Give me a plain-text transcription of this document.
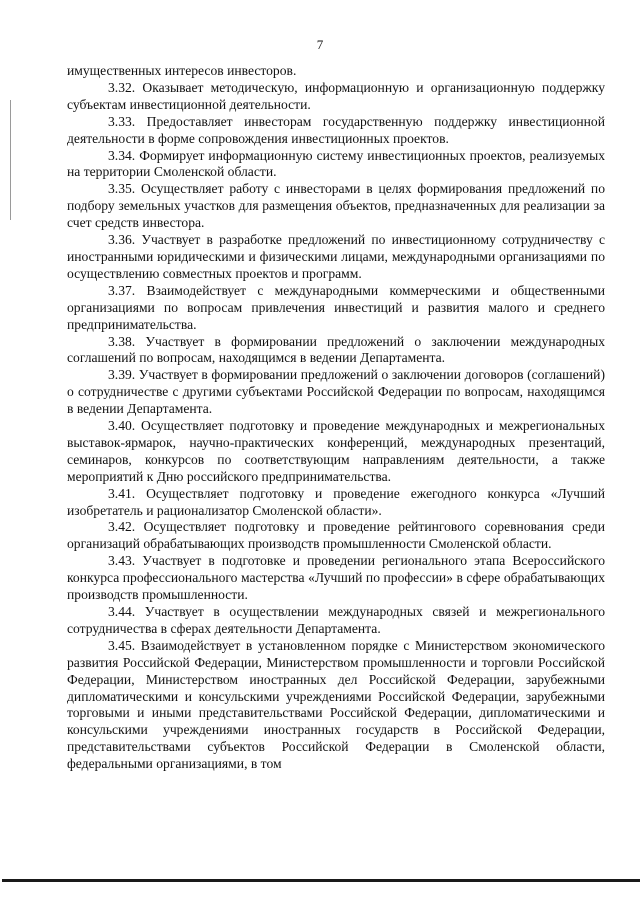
7

имущественных интересов инвесторов.

3.32. Оказывает методическую, информационную и организационную поддержку субъектам инвестиционной деятельности.

3.33. Предоставляет инвесторам государственную поддержку инвестиционной деятельности в форме сопровождения инвестиционных проектов.

3.34. Формирует информационную систему инвестиционных проектов, реализуемых на территории Смоленской области.

3.35. Осуществляет работу с инвесторами в целях формирования предложений по подбору земельных участков для размещения объектов, предназначенных для реализации за счет средств инвестора.

3.36. Участвует в разработке предложений по инвестиционному сотрудничеству с иностранными юридическими и физическими лицами, международными организациями по осуществлению совместных проектов и программ.

3.37. Взаимодействует с международными коммерческими и общественными организациями по вопросам привлечения инвестиций и развития малого и среднего предпринимательства.

3.38. Участвует в формировании предложений о заключении международных соглашений по вопросам, находящимся в ведении Департамента.

3.39. Участвует в формировании предложений о заключении договоров (соглашений) о сотрудничестве с другими субъектами Российской Федерации по вопросам, находящимся в ведении Департамента.

3.40. Осуществляет подготовку и проведение международных и межрегиональных выставок-ярмарок, научно-практических конференций, международных презентаций, семинаров, конкурсов по соответствующим направлениям деятельности, а также мероприятий к Дню российского предпринимательства.

3.41. Осуществляет подготовку и проведение ежегодного конкурса «Лучший изобретатель и рационализатор Смоленской области».

3.42. Осуществляет подготовку и проведение рейтингового соревнования среди организаций обрабатывающих производств промышленности Смоленской области.

3.43. Участвует в подготовке и проведении регионального этапа Всероссийского конкурса профессионального мастерства «Лучший по профессии» в сфере обрабатывающих производств промышленности.

3.44. Участвует в осуществлении международных связей и межрегионального сотрудничества в сферах деятельности Департамента.

3.45. Взаимодействует в установленном порядке с Министерством экономического развития Российской Федерации, Министерством промышленности и торговли Российской Федерации, Министерством иностранных дел Российской Федерации, зарубежными дипломатическими и консульскими учреждениями Российской Федерации, зарубежными торговыми и иными представительствами Российской Федерации, дипломатическими и консульскими учреждениями иностранных государств в Российской Федерации, представительствами субъектов Российской Федерации в Смоленской области, федеральными организациями, в том
